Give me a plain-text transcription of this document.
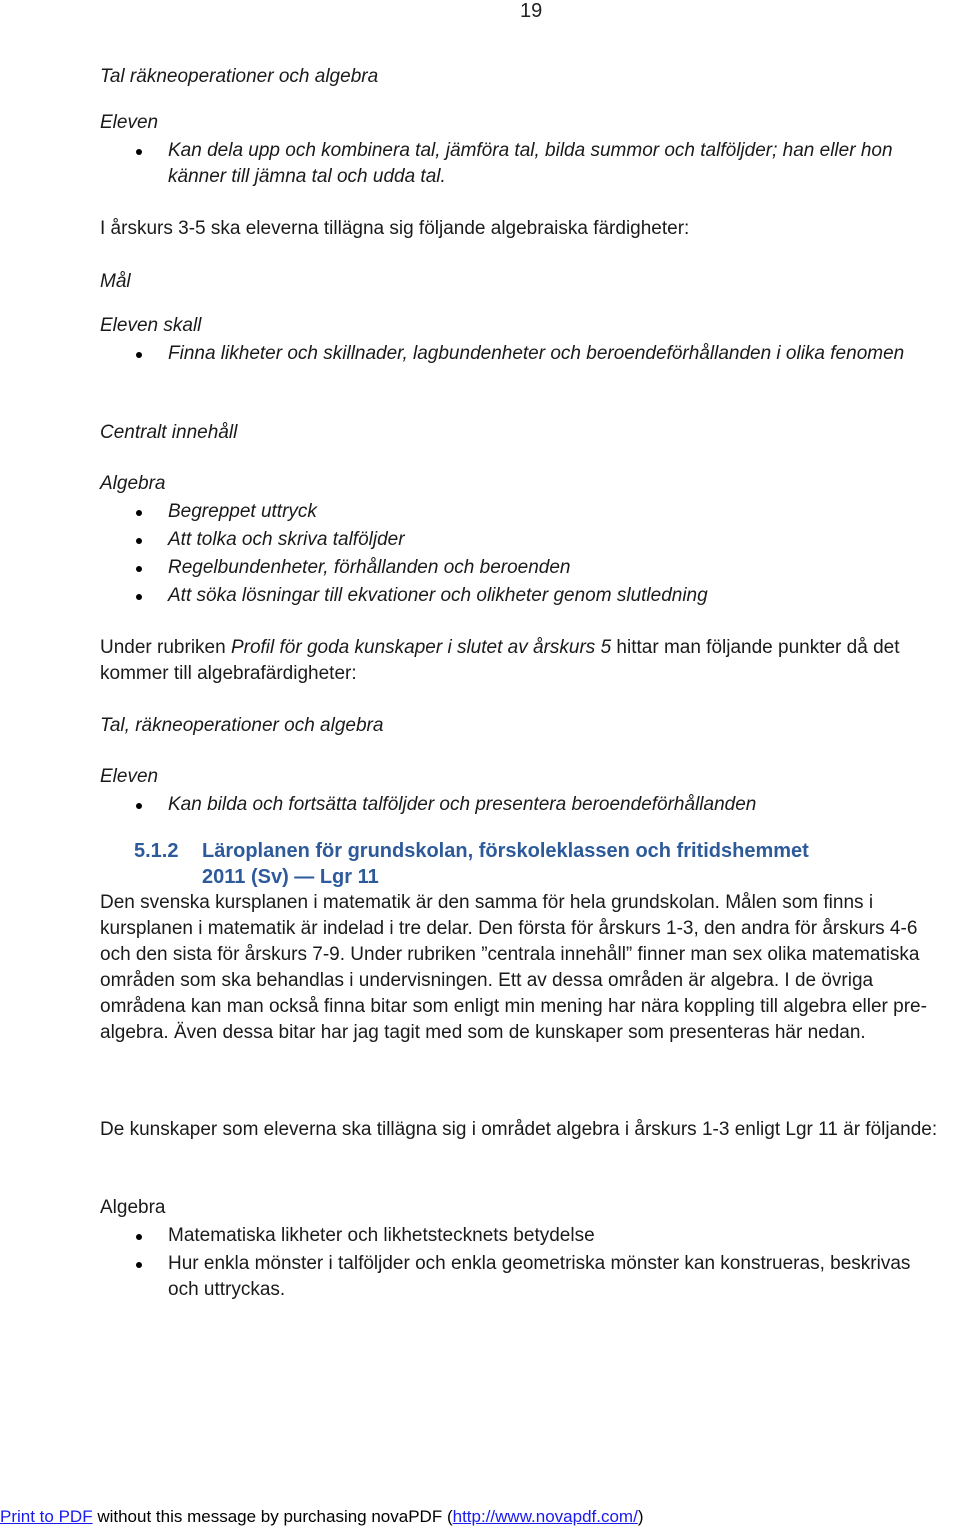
19
Tal räkneoperationer och algebra
Eleven
Kan dela upp och kombinera tal, jämföra tal, bilda summor och talföljder; han eller hon känner till jämna tal och udda tal.
I årskurs 3-5 ska eleverna tillägna sig följande algebraiska färdigheter:
Mål
Eleven skall
Finna likheter och skillnader, lagbundenheter och beroendeförhållanden i olika fenomen
Centralt innehåll
Algebra
Begreppet uttryck
Att tolka och skriva talföljder
Regelbundenheter, förhållanden och beroenden
Att söka lösningar till ekvationer och olikheter genom slutledning
Under rubriken Profil för goda kunskaper i slutet av årskurs 5 hittar man följande punkter då det kommer till algebrafärdigheter:
Tal, räkneoperationer och algebra
Eleven
Kan bilda och fortsätta talföljder och presentera beroendeförhållanden
5.1.2 Läroplanen för grundskolan, förskoleklassen och fritidshemmet
2011 (Sv) — Lgr 11
Den svenska kursplanen i matematik är den samma för hela grundskolan. Målen som finns i kursplanen i matematik är indelad i tre delar. Den första för årskurs 1-3, den andra för årskurs 4-6 och den sista för årskurs 7-9. Under rubriken ”centrala innehåll” finner man sex olika matematiska områden som ska behandlas i undervisningen. Ett av dessa områden är algebra. I de övriga områdena kan man också finna bitar som enligt min mening har nära koppling till algebra eller pre-algebra. Även dessa bitar har jag tagit med som de kunskaper som presenteras här nedan.
De kunskaper som eleverna ska tillägna sig i området algebra i årskurs 1-3 enligt Lgr 11 är följande:
Algebra
Matematiska likheter och likhetstecknets betydelse
Hur enkla mönster i talföljder och enkla geometriska mönster kan konstrueras, beskrivas och uttryckas.
Print to PDF without this message by purchasing novaPDF (http://www.novapdf.com/)
